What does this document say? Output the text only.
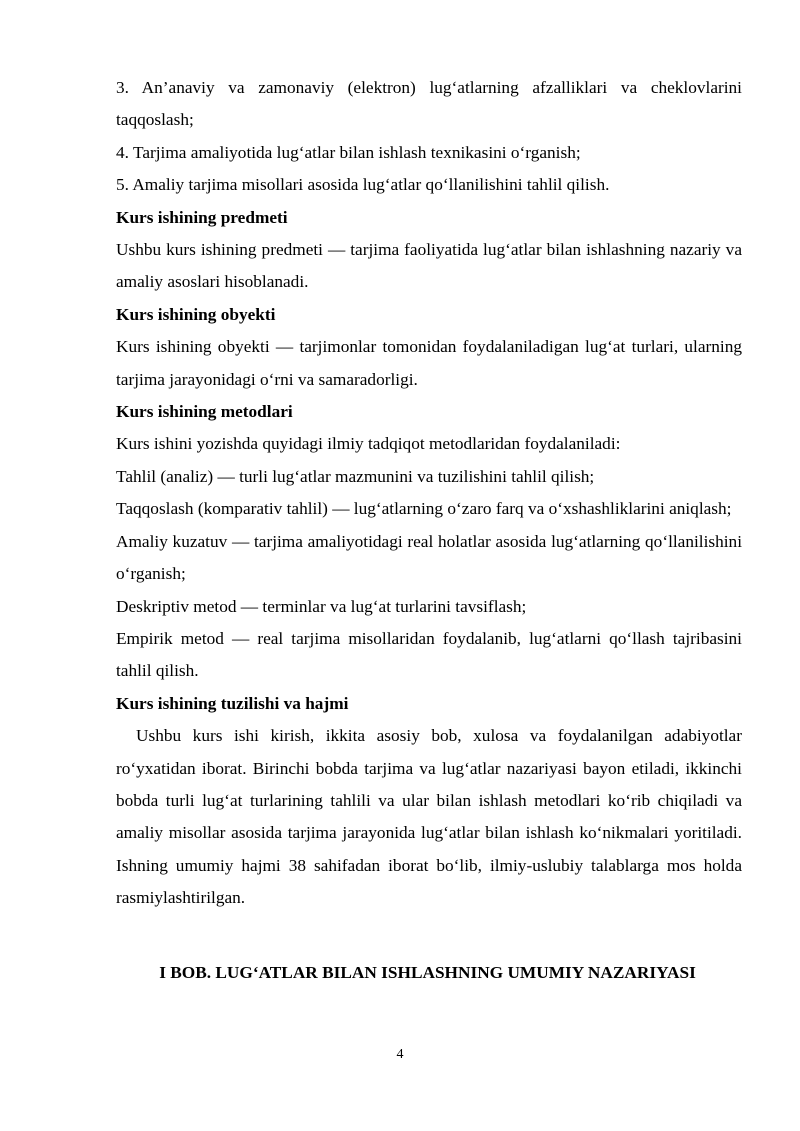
3. An’anaviy va zamonaviy (elektron) lug‘atlarning afzalliklari va cheklovlarini taqqoslash;

4. Tarjima amaliyotida lug‘atlar bilan ishlash texnikasini o‘rganish;

5. Amaliy tarjima misollari asosida lug‘atlar qo‘llanilishini tahlil qilish.

Kurs ishining predmeti

Ushbu kurs ishining predmeti — tarjima faoliyatida lug‘atlar bilan ishlashning nazariy va amaliy asoslari hisoblanadi.

Kurs ishining obyekti

Kurs ishining obyekti — tarjimonlar tomonidan foydalaniladigan lug‘at turlari, ularning tarjima jarayonidagi o‘rni va samaradorligi.

Kurs ishining metodlari

Kurs ishini yozishda quyidagi ilmiy tadqiqot metodlaridan foydalaniladi:

Tahlil (analiz) — turli lug‘atlar mazmunini va tuzilishini tahlil qilish;

Taqqoslash (komparativ tahlil) — lug‘atlarning o‘zaro farq va o‘xshashliklarini aniqlash;

Amaliy kuzatuv — tarjima amaliyotidagi real holatlar asosida lug‘atlarning qo‘llanilishini o‘rganish;

Deskriptiv metod — terminlar va lug‘at turlarini tavsiflash;

Empirik metod — real tarjima misollaridan foydalanib, lug‘atlarni qo‘llash tajribasini tahlil qilish.

Kurs ishining tuzilishi va hajmi

Ushbu kurs ishi kirish, ikkita asosiy bob, xulosa va foydalanilgan adabiyotlar ro‘yxatidan iborat. Birinchi bobda tarjima va lug‘atlar nazariyasi bayon etiladi, ikkinchi bobda turli lug‘at turlarining tahlili va ular bilan ishlash metodlari ko‘rib chiqiladi va amaliy misollar asosida tarjima jarayonida lug‘atlar bilan ishlash ko‘nikmalari yoritiladi. Ishning umumiy hajmi 38 sahifadan iborat bo‘lib, ilmiy-uslubiy talablarga mos holda rasmiylashtirilgan.

I BOB. LUG‘ATLAR BILAN ISHLASHNING UMUMIY NAZARIYASI

4
